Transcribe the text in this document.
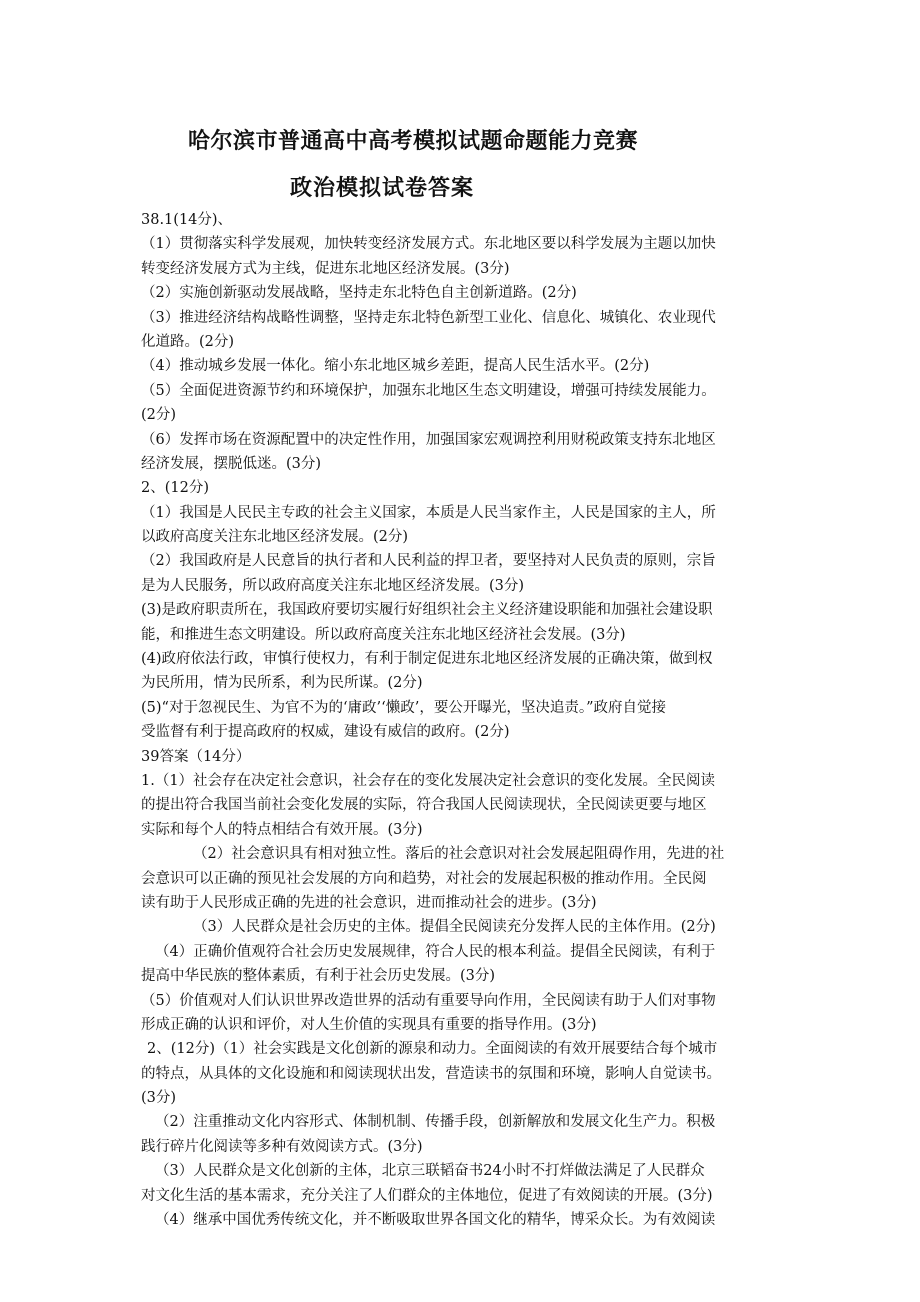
哈尔滨市普通高中高考模拟试题命题能力竞赛
政治模拟试卷答案
38.1(14分)、
（1）贯彻落实科学发展观，加快转变经济发展方式。东北地区要以科学发展为主题以加快
转变经济发展方式为主线，促进东北地区经济发展。(3分)
（2）实施创新驱动发展战略，坚持走东北特色自主创新道路。(2分)
（3）推进经济结构战略性调整，坚持走东北特色新型工业化、信息化、城镇化、农业现代
化道路。(2分)
（4）推动城乡发展一体化。缩小东北地区城乡差距，提高人民生活水平。(2分)
（5）全面促进资源节约和环境保护，加强东北地区生态文明建设，增强可持续发展能力。
(2分)
（6）发挥市场在资源配置中的决定性作用，加强国家宏观调控利用财税政策支持东北地区
经济发展，摆脱低迷。(3分)
2、(12分)
（1）我国是人民民主专政的社会主义国家，本质是人民当家作主，人民是国家的主人，所
以政府高度关注东北地区经济发展。(2分)
（2）我国政府是人民意旨的执行者和人民利益的捍卫者，要坚持对人民负责的原则，宗旨
是为人民服务，所以政府高度关注东北地区经济发展。(3分)
(3)是政府职责所在，我国政府要切实履行好组织社会主义经济建设职能和加强社会建设职
能，和推进生态文明建设。所以政府高度关注东北地区经济社会发展。(3分)
(4)政府依法行政，审慎行使权力，有利于制定促进东北地区经济发展的正确决策，做到权
为民所用，情为民所系，利为民所谋。(2分)
(5)“对于忽视民生、为官不为的‘庸政’‘懒政’，要公开曝光，坚决追责。”政府自觉接
受监督有利于提高政府的权威，建设有威信的政府。(2分)
39答案（14分）
1.（1）社会存在决定社会意识，社会存在的变化发展决定社会意识的变化发展。全民阅读
的提出符合我国当前社会变化发展的实际，符合我国人民阅读现状，全民阅读更要与地区
实际和每个人的特点相结合有效开展。(3分)
（2）社会意识具有相对独立性。落后的社会意识对社会发展起阻碍作用，先进的社
会意识可以正确的预见社会发展的方向和趋势，对社会的发展起积极的推动作用。全民阅
读有助于人民形成正确的先进的社会意识，进而推动社会的进步。(3分)
（3）人民群众是社会历史的主体。提倡全民阅读充分发挥人民的主体作用。(2分)
（4）正确价值观符合社会历史发展规律，符合人民的根本利益。提倡全民阅读，有利于
提高中华民族的整体素质，有利于社会历史发展。(3分)
（5）价值观对人们认识世界改造世界的活动有重要导向作用，全民阅读有助于人们对事物
形成正确的认识和评价，对人生价值的实现具有重要的指导作用。(3分)
2、(12分)（1）社会实践是文化创新的源泉和动力。全面阅读的有效开展要结合每个城市
的特点，从具体的文化设施和和阅读现状出发，营造读书的氛围和环境，影响人自觉读书。
(3分)
（2）注重推动文化内容形式、体制机制、传播手段，创新解放和发展文化生产力。积极
践行碎片化阅读等多种有效阅读方式。(3分)
（3）人民群众是文化创新的主体，北京三联韬奋书24小时不打烊做法满足了人民群众
对文化生活的基本需求，充分关注了人们群众的主体地位，促进了有效阅读的开展。(3分)
（4）继承中国优秀传统文化，并不断吸取世界各国文化的精华，博采众长。为有效阅读
